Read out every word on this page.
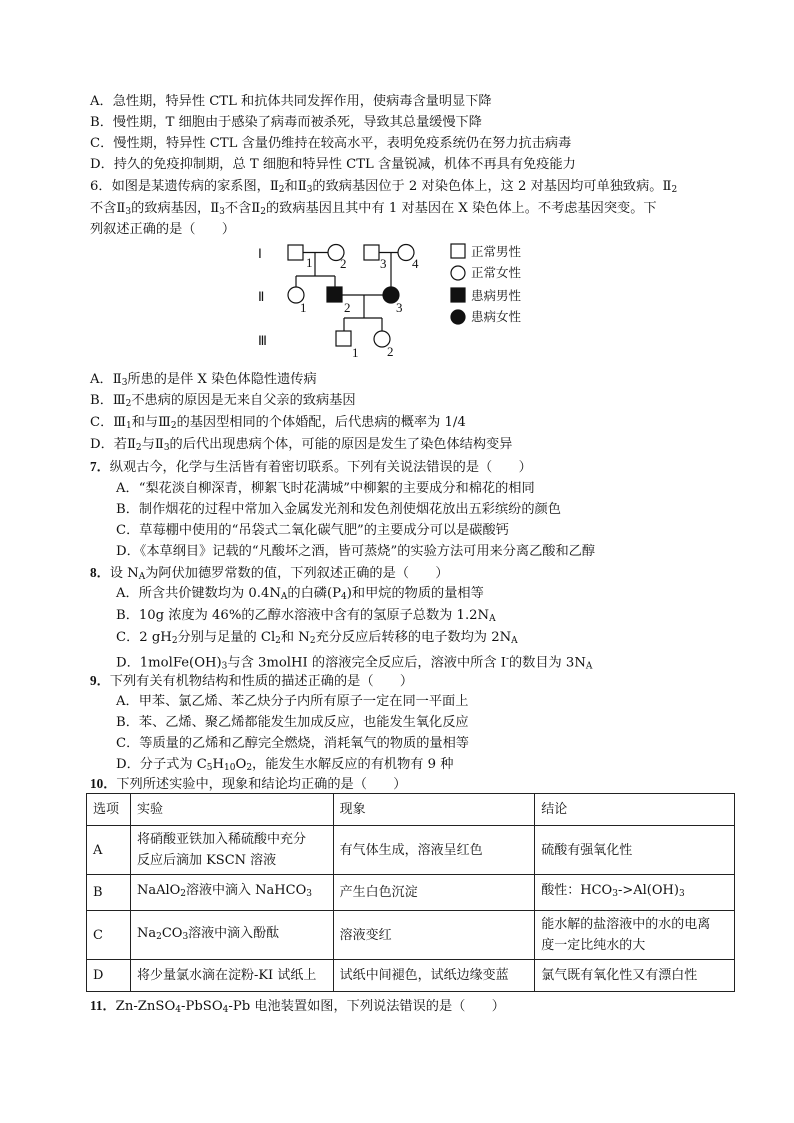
A．急性期，特异性 CTL 和抗体共同发挥作用，使病毒含量明显下降
B．慢性期，T 细胞由于感染了病毒而被杀死，导致其总量缓慢下降
C．慢性期，特异性 CTL 含量仍维持在较高水平，表明免疫系统仍在努力抗击病毒
D．持久的免疫抑制期，总 T 细胞和特异性 CTL 含量锐减，机体不再具有免疫能力
6．如图是某遗传病的家系图，$Ⅱ_2$和$Ⅱ_3$的致病基因位于 2 对染色体上，这 2 对基因均可单独致病。$Ⅱ_2$
不含$Ⅱ_3$的致病基因，$Ⅱ_3$不含$Ⅱ_2$的致病基因且其中有 1 对基因在 X 染色体上。不考虑基因突变。下
列叙述正确的是（　　）
Ⅰ
Ⅱ
Ⅲ
1 2	3 4
1	2	3
1 2
正常男性
正常女性
患病男性
患病女性
A．$Ⅱ_3$所患的是伴 X 染色体隐性遗传病
B．$Ⅲ_2$不患病的原因是无来自父亲的致病基因
C．$Ⅲ_1$和与$Ⅲ_2$的基因型相同的个体婚配，后代患病的概率为 1/4
D．若$Ⅱ_2$与$Ⅱ_3$的后代出现患病个体，可能的原因是发生了染色体结构变异
7．纵观古今，化学与生活皆有着密切联系。下列有关说法错误的是（　　）
A．“梨花淡自柳深青，柳絮飞时花满城”中柳絮的主要成分和棉花的相同
B．制作烟花的过程中常加入金属发光剂和发色剂使烟花放出五彩缤纷的颜色
C．草莓棚中使用的“吊袋式二氧化碳气肥”的主要成分可以是碳酸钙
D．《本草纲目》记载的“凡酸坏之酒，皆可蒸烧”的实验方法可用来分离乙酸和乙醇
8．设 $N_A$为阿伏加德罗常数的值，下列叙述正确的是（　　）
A．所含共价键数均为 $0.4N_A$的白磷$(P_4)$和甲烷的物质的量相等
B．10g 浓度为 46%的乙醇水溶液中含有的氢原子总数为 $1.2N_A$
C．2 $gH_2$分别与足量的 $Cl_2$和 $N_2$充分反应后转移的电子数均为 $2N_A$
D．$1molFe(OH)_3$与含 3molHI 的溶液完全反应后，溶液中所含 I-的数目为 $3N_A$
9．下列有关有机物结构和性质的描述正确的是（　　）
A．甲苯、氯乙烯、苯乙炔分子内所有原子一定在同一平面上
B．苯、乙烯、聚乙烯都能发生加成反应，也能发生氧化反应
C．等质量的乙烯和乙醇完全燃烧，消耗氧气的物质的量相等
D．分子式为 $C_5H_{10}O_2$，能发生水解反应的有机物有 9 种
10．下列所述实验中，现象和结论均正确的是（　　）
选项	实验	现象	结论
A	将硝酸亚铁加入稀硫酸中充分
反应后滴加 KSCN 溶液	有气体生成，溶液呈红色	硫酸有强氧化性
B	NaAlO$_2$溶液中滴入 NaHCO$_3$	产生白色沉淀	酸性：$HCO_3->Al(OH)_3$
C	$Na_2CO_3$溶液中滴入酚酞	溶液变红	能水解的盐溶液中的水的电离
度一定比纯水的大
D	将少量氯水滴在淀粉-KI 试纸上	试纸中间褪色，试纸边缘变蓝	氯气既有氧化性又有漂白性
11．Zn-ZnSO$_4$-PbSO$_4$-Pb 电池装置如图，下列说法错误的是（　　）
